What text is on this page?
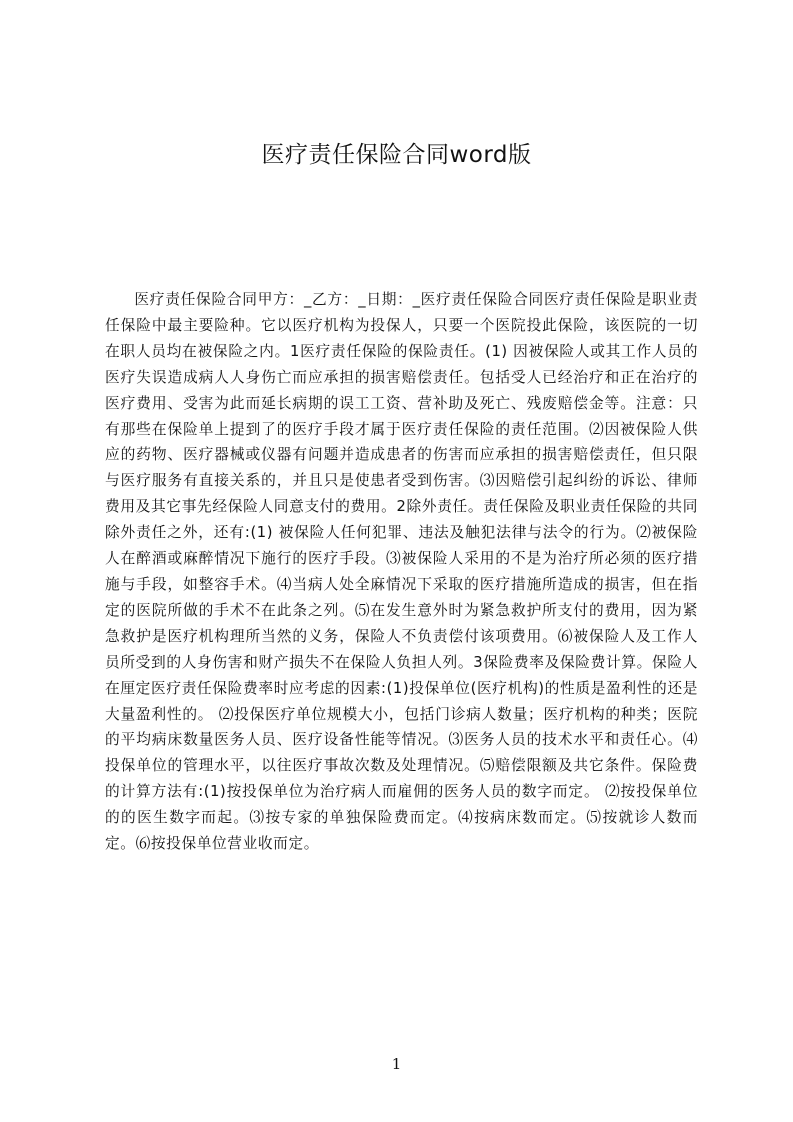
医疗责任保险合同word版

医疗责任保险合同甲方：_乙方：_日期：_医疗责任保险合同医疗责任保险是职业责任保险中最主要险种。它以医疗机构为投保人，只要一个医院投此保险，该医院的一切在职人员均在被保险之内。1医疗责任保险的保险责任。(1) 因被保险人或其工作人员的医疗失误造成病人人身伤亡而应承担的损害赔偿责任。包括受人已经治疗和正在治疗的医疗费用、受害为此而延长病期的误工工资、营补助及死亡、残废赔偿金等。注意：只有那些在保险单上提到了的医疗手段才属于医疗责任保险的责任范围。⑵因被保险人供应的药物、医疗器械或仪器有问题并造成患者的伤害而应承担的损害赔偿责任，但只限与医疗服务有直接关系的，并且只是使患者受到伤害。⑶因赔偿引起纠纷的诉讼、律师费用及其它事先经保险人同意支付的费用。2除外责任。责任保险及职业责任保险的共同除外责任之外，还有:(1) 被保险人任何犯罪、违法及触犯法律与法令的行为。⑵被保险人在醉酒或麻醉情况下施行的医疗手段。⑶被保险人采用的不是为治疗所必须的医疗措施与手段，如整容手术。⑷当病人处全麻情况下采取的医疗措施所造成的损害，但在指定的医院所做的手术不在此条之列。⑸在发生意外时为紧急救护所支付的费用，因为紧急救护是医疗机构理所当然的义务，保险人不负责偿付该项费用。⑹被保险人及工作人员所受到的人身伤害和财产损失不在保险人负担人列。3保险费率及保险费计算。保险人在厘定医疗责任保险费率时应考虑的因素:(1)投保单位(医疗机构)的性质是盈利性的还是大量盈利性的。 ⑵投保医疗单位规模大小，包括门诊病人数量；医疗机构的种类；医院的平均病床数量医务人员、医疗设备性能等情况。⑶医务人员的技术水平和责任心。⑷投保单位的管理水平，以往医疗事故次数及处理情况。⑸赔偿限额及共它条件。保险费的计算方法有:(1)按投保单位为治疗病人而雇佣的医务人员的数字而定。 ⑵按投保单位的的医生数字而起。⑶按专家的单独保险费而定。⑷按病床数而定。⑸按就诊人数而定。⑹按投保单位营业收而定。

1
